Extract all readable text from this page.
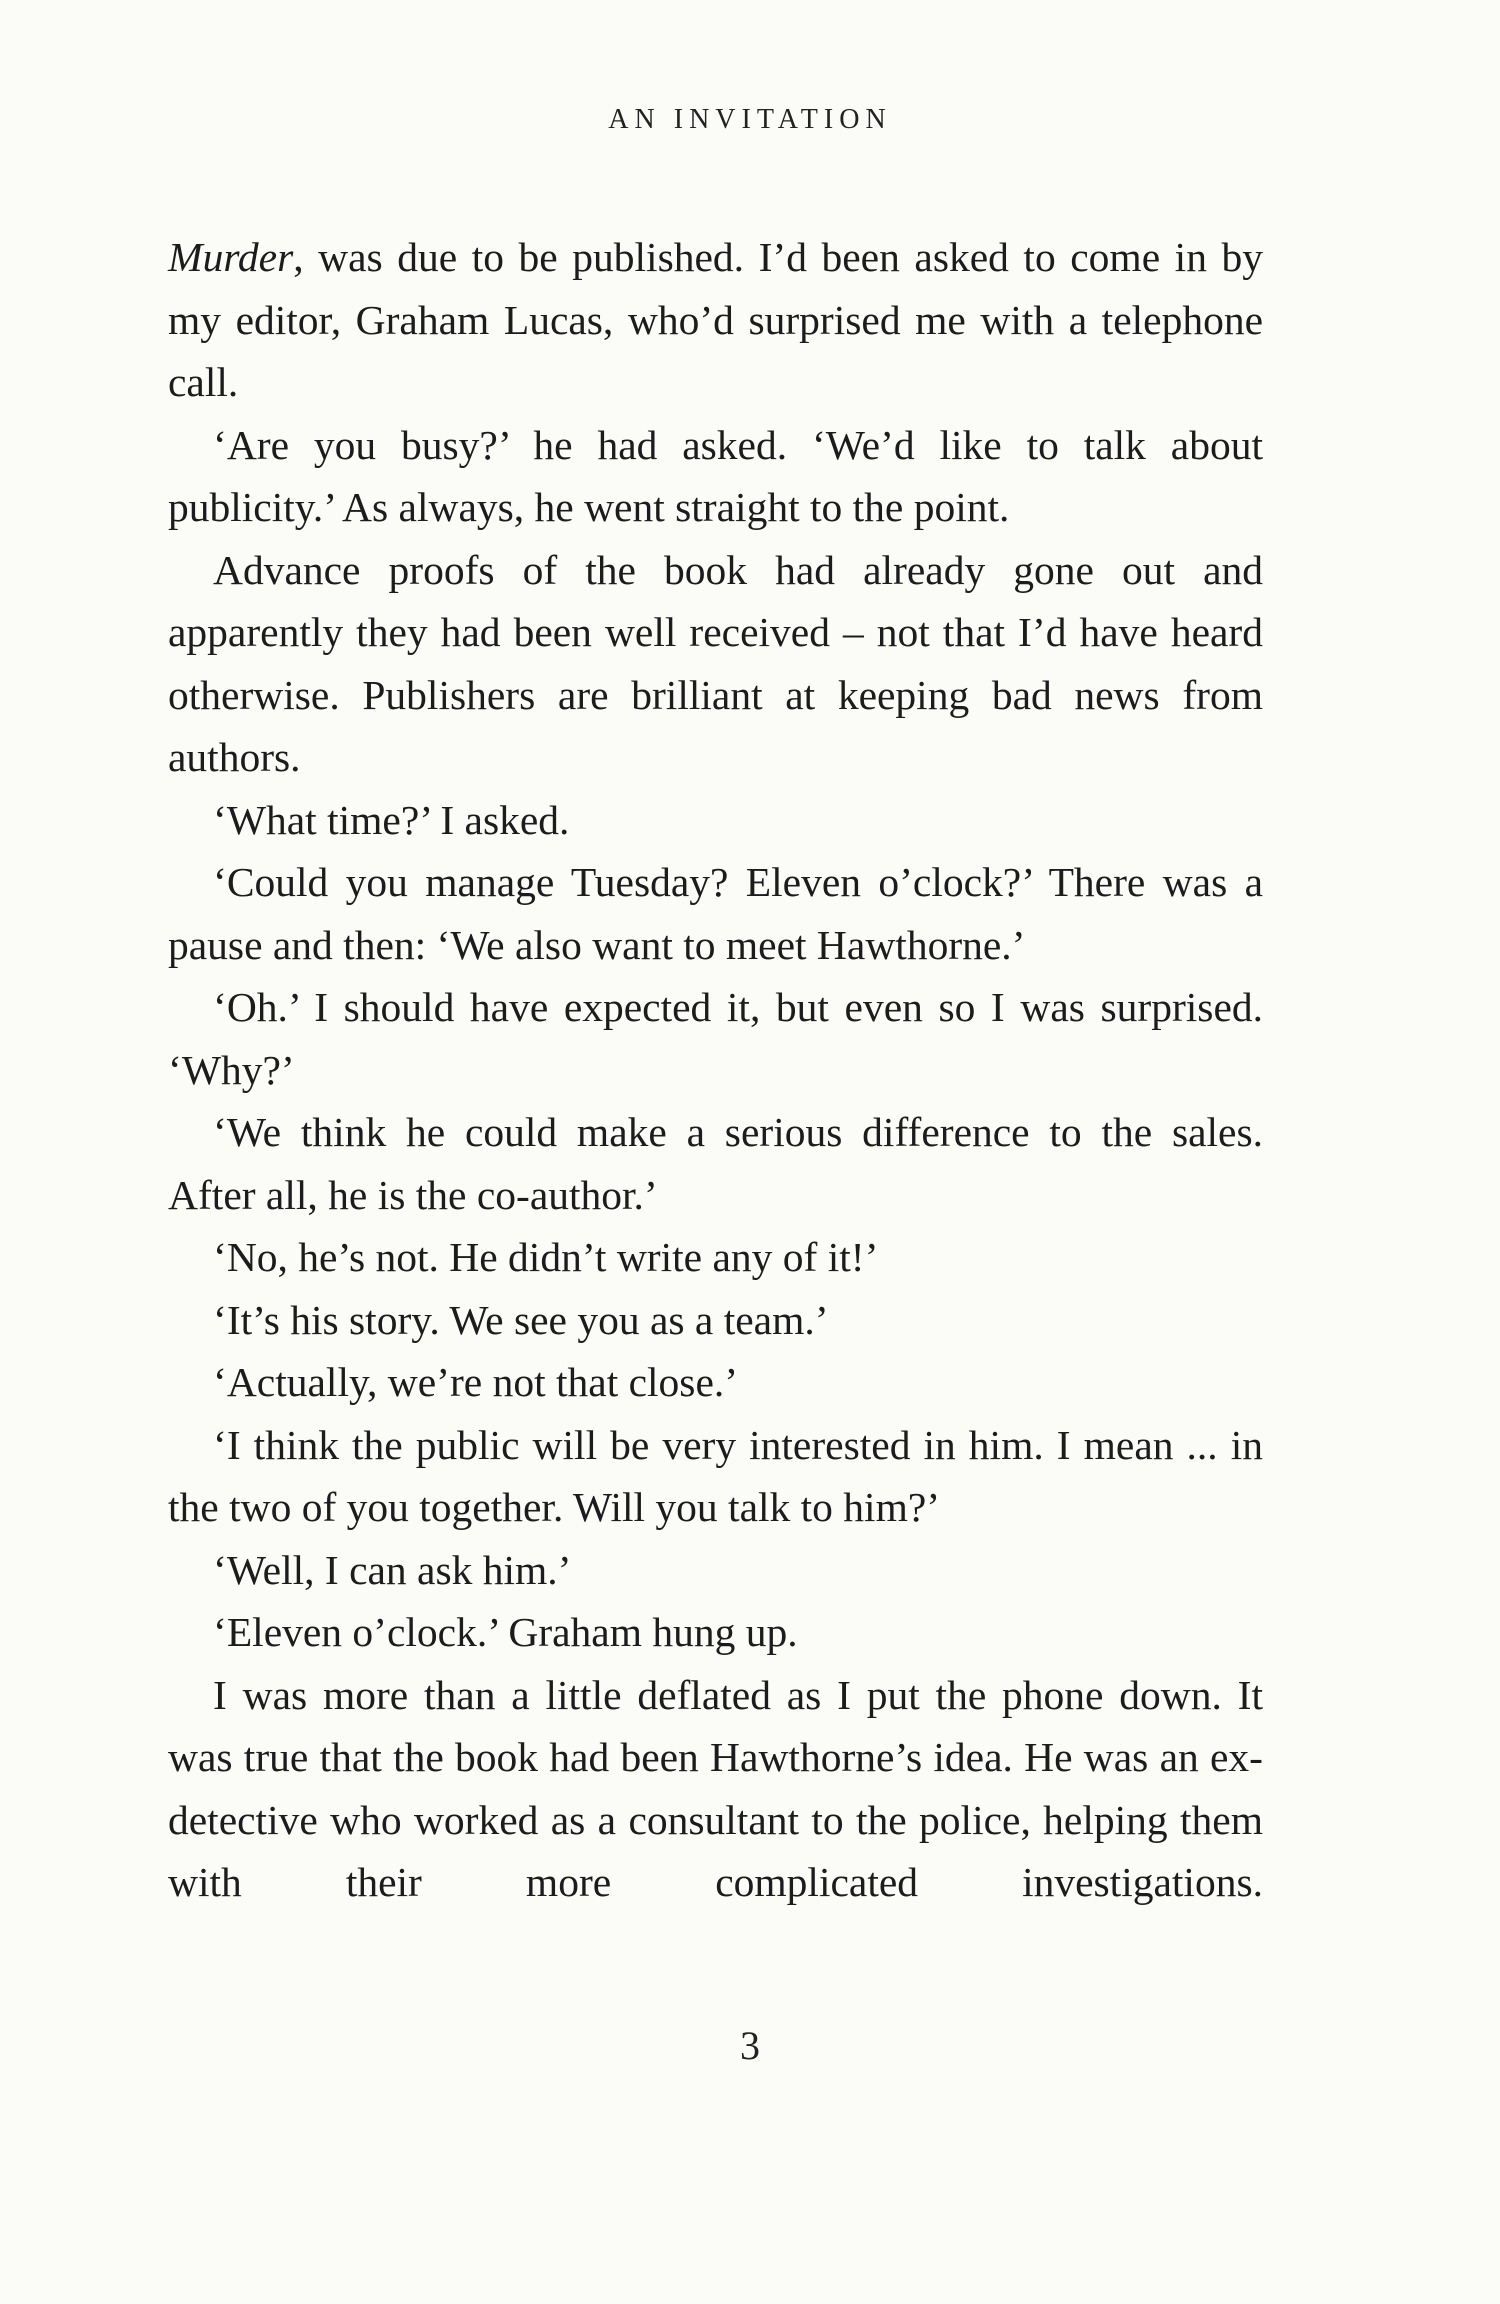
AN INVITATION

Murder, was due to be published. I’d been asked to come in by my editor, Graham Lucas, who’d surprised me with a telephone call.

‘Are you busy?’ he had asked. ‘We’d like to talk about publicity.’ As always, he went straight to the point.

Advance proofs of the book had already gone out and apparently they had been well received – not that I’d have heard otherwise. Publishers are brilliant at keeping bad news from authors.

‘What time?’ I asked.

‘Could you manage Tuesday? Eleven o’clock?’ There was a pause and then: ‘We also want to meet Hawthorne.’

‘Oh.’ I should have expected it, but even so I was surprised. ‘Why?’

‘We think he could make a serious difference to the sales. After all, he is the co-author.’

‘No, he’s not. He didn’t write any of it!’

‘It’s his story. We see you as a team.’

‘Actually, we’re not that close.’

‘I think the public will be very interested in him. I mean ... in the two of you together. Will you talk to him?’

‘Well, I can ask him.’

‘Eleven o’clock.’ Graham hung up.

I was more than a little deflated as I put the phone down. It was true that the book had been Hawthorne’s idea. He was an ex-detective who worked as a consultant to the police, helping them with their more complicated investigations.

3
